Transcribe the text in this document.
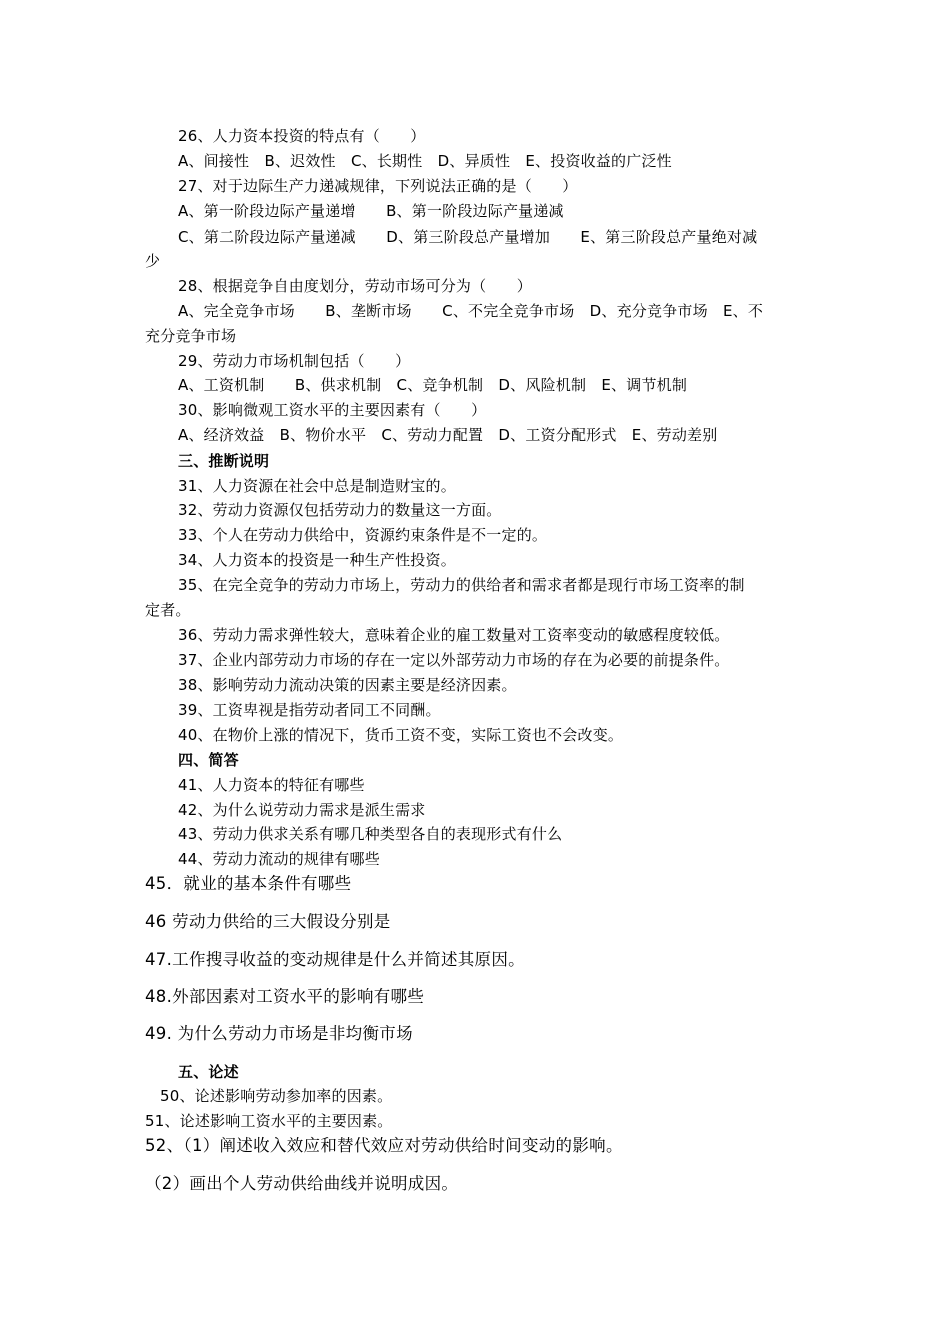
26、人力资本投资的特点有（　　）
A、间接性　B、迟效性　C、长期性　D、异质性　E、投资收益的广泛性
27、对于边际生产力递减规律，下列说法正确的是（　　）
A、第一阶段边际产量递增　　B、第一阶段边际产量递减
C、第二阶段边际产量递减　　D、第三阶段总产量增加　　E、第三阶段总产量绝对减
少
28、根据竞争自由度划分，劳动市场可分为（　　）
A、完全竞争市场　　B、垄断市场　　C、不完全竞争市场　D、充分竞争市场　E、不
充分竞争市场
29、劳动力市场机制包括（　　）
A、工资机制　　B、供求机制　C、竞争机制　D、风险机制　E、调节机制
30、影响微观工资水平的主要因素有（　　）
A、经济效益　B、物价水平　C、劳动力配置　D、工资分配形式　E、劳动差别
三、推断说明
31、人力资源在社会中总是制造财宝的。
32、劳动力资源仅包括劳动力的数量这一方面。
33、个人在劳动力供给中，资源约束条件是不一定的。
34、人力资本的投资是一种生产性投资。
35、在完全竞争的劳动力市场上，劳动力的供给者和需求者都是现行市场工资率的制
定者。
36、劳动力需求弹性较大，意味着企业的雇工数量对工资率变动的敏感程度较低。
37、企业内部劳动力市场的存在一定以外部劳动力市场的存在为必要的前提条件。
38、影响劳动力流动决策的因素主要是经济因素。
39、工资卑视是指劳动者同工不同酬。
40、在物价上涨的情况下，货币工资不变，实际工资也不会改变。
四、简答
41、人力资本的特征有哪些
42、为什么说劳动力需求是派生需求
43、劳动力供求关系有哪几种类型各自的表现形式有什么
44、劳动力流动的规律有哪些
45．就业的基本条件有哪些
46 劳动力供给的三大假设分别是
47.工作搜寻收益的变动规律是什么并简述其原因。
48.外部因素对工资水平的影响有哪些
49. 为什么劳动力市场是非均衡市场
五、论述
50、论述影响劳动参加率的因素。
51、论述影响工资水平的主要因素。
52、（1）阐述收入效应和替代效应对劳动供给时间变动的影响。
（2）画出个人劳动供给曲线并说明成因。
